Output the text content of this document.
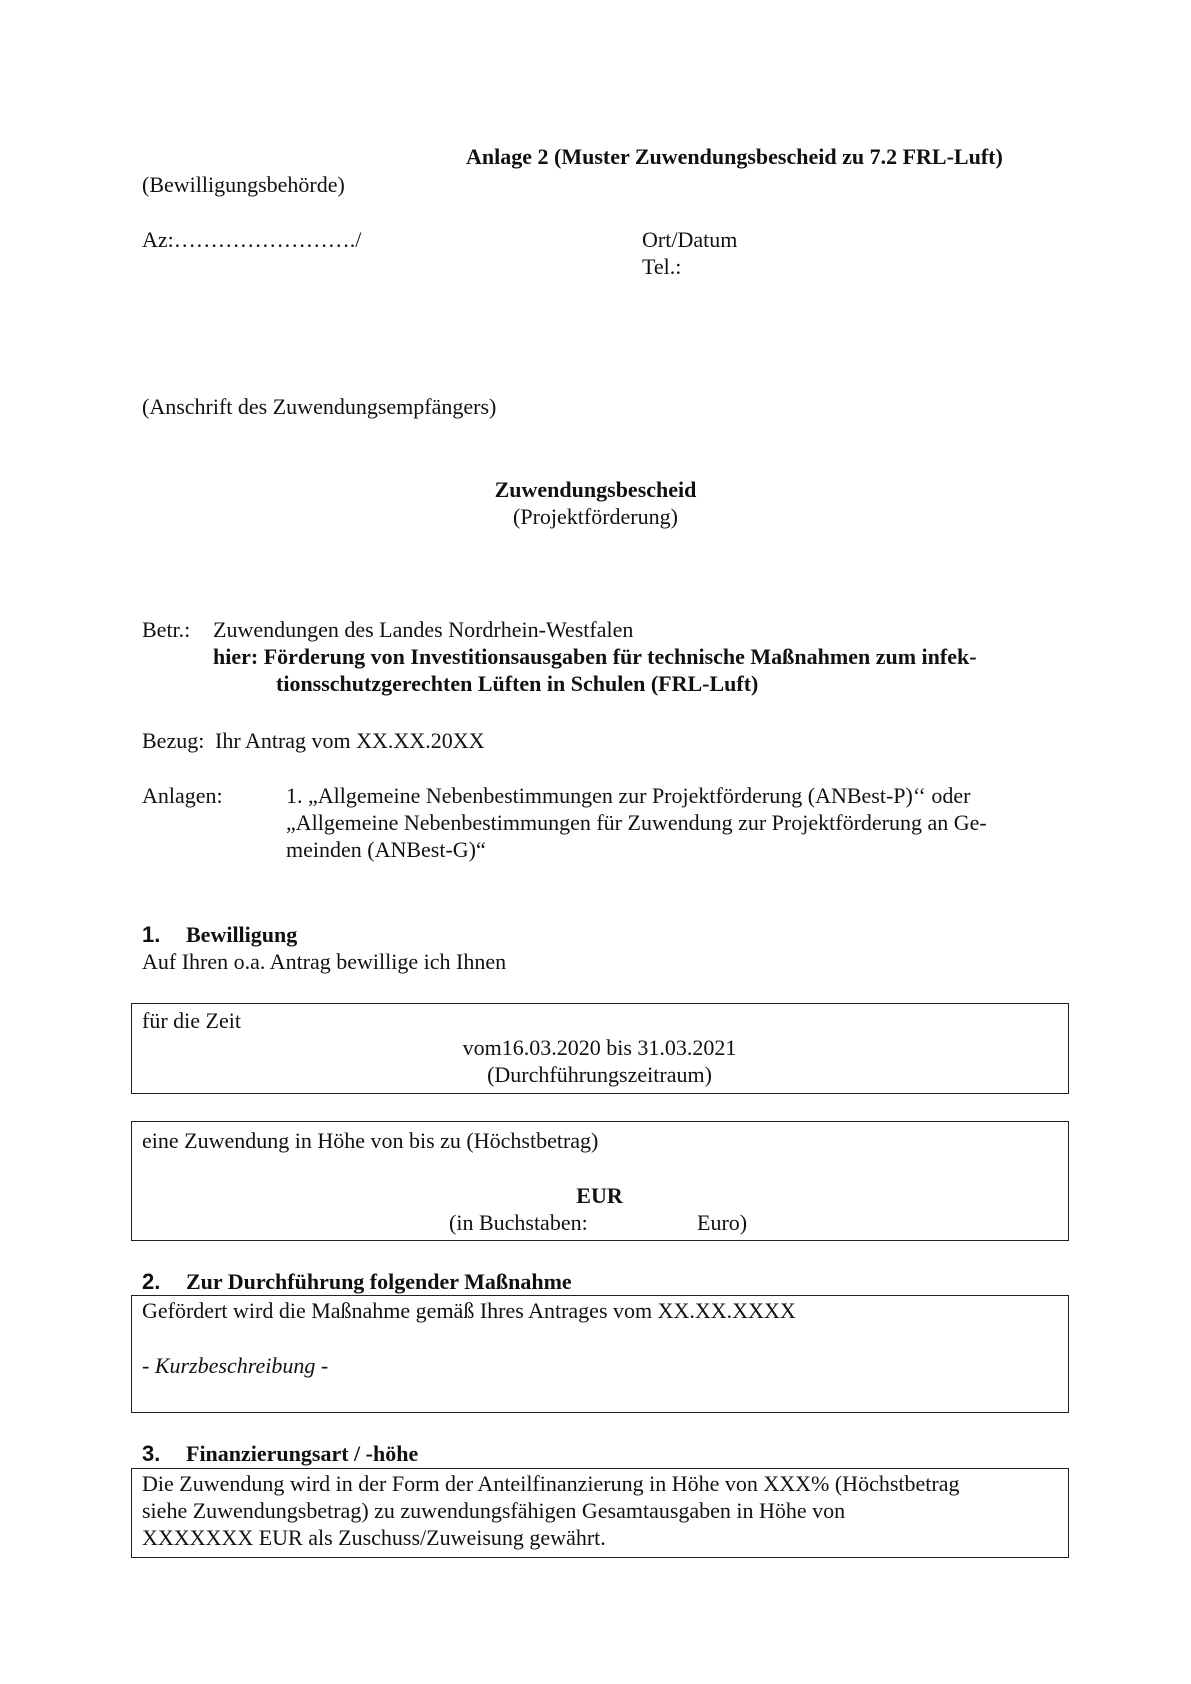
Anlage 2 (Muster Zuwendungsbescheid zu 7.2 FRL-Luft)
(Bewilligungsbehörde)
Az:……………………./	Ort/Datum
Tel.:
(Anschrift des Zuwendungsempfängers)
Zuwendungsbescheid
(Projektförderung)
Betr.: Zuwendungen des Landes Nordrhein-Westfalen
hier: Förderung von Investitionsausgaben für technische Maßnahmen zum infek-
tionsschutzgerechten Lüften in Schulen (FRL-Luft)
Bezug: Ihr Antrag vom XX.XX.20XX
Anlagen:	1. „Allgemeine Nebenbestimmungen zur Projektförderung (ANBest-P)‘‘ oder
„Allgemeine Nebenbestimmungen für Zuwendung zur Projektförderung an Ge-
meinden (ANBest-G)“
1. Bewilligung
Auf Ihren o.a. Antrag bewillige ich Ihnen
für die Zeit
vom16.03.2020 bis 31.03.2021
(Durchführungszeitraum)
eine Zuwendung in Höhe von bis zu (Höchstbetrag)
EUR
(in Buchstaben:	Euro)
2. Zur Durchführung folgender Maßnahme
Gefördert wird die Maßnahme gemäß Ihres Antrages vom XX.XX.XXXX
- Kurzbeschreibung -
3. Finanzierungsart / -höhe
Die Zuwendung wird in der Form der Anteilfinanzierung in Höhe von XXX% (Höchstbetrag
siehe Zuwendungsbetrag) zu zuwendungsfähigen Gesamtausgaben in Höhe von
XXXXXXX EUR als Zuschuss/Zuweisung gewährt.
